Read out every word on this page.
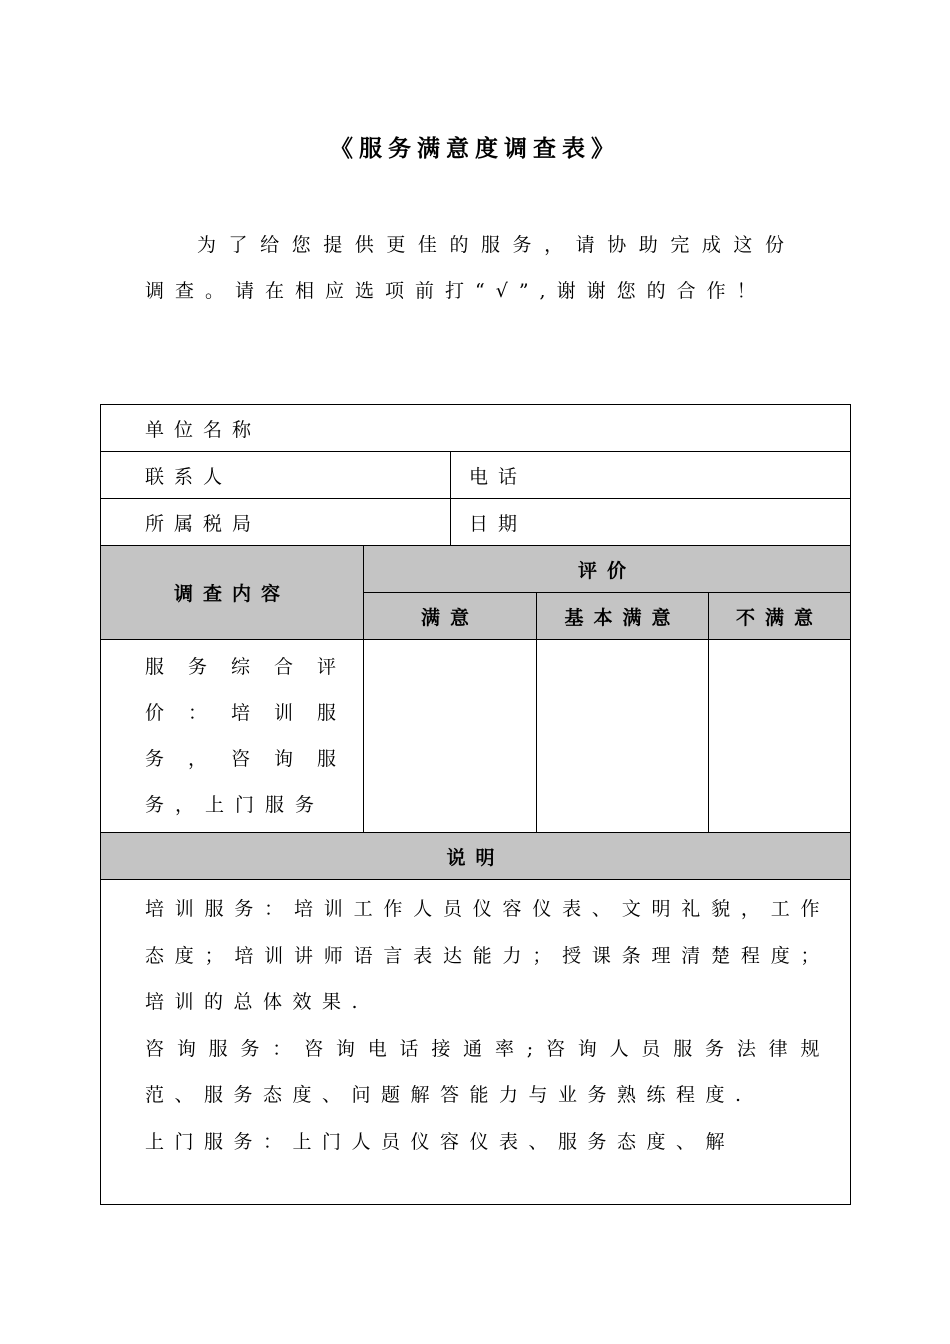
《服务满意度调查表》
为了给您提供更佳的服务，请协助完成这份调查。请在相应选项前打“√”,谢谢您的合作！
单位名称				
联系人		电话		
所属税局		日期		
调查内容	评价			
	满意		基本满意	不满意
服务综合评价：培训服务，咨询服务，上门服务				
说明				

培训服务：培训工作人员仪容仪表、文明礼貌，工作态度；培训讲师语言表达能力；授课条理清楚程度；培训的总体效果.

咨询服务：咨询电话接通率;咨询人员服务法律规范、服务态度、问题解答能力与业务熟练程度.

上门服务：上门人员仪容仪表、服务态度、解				
